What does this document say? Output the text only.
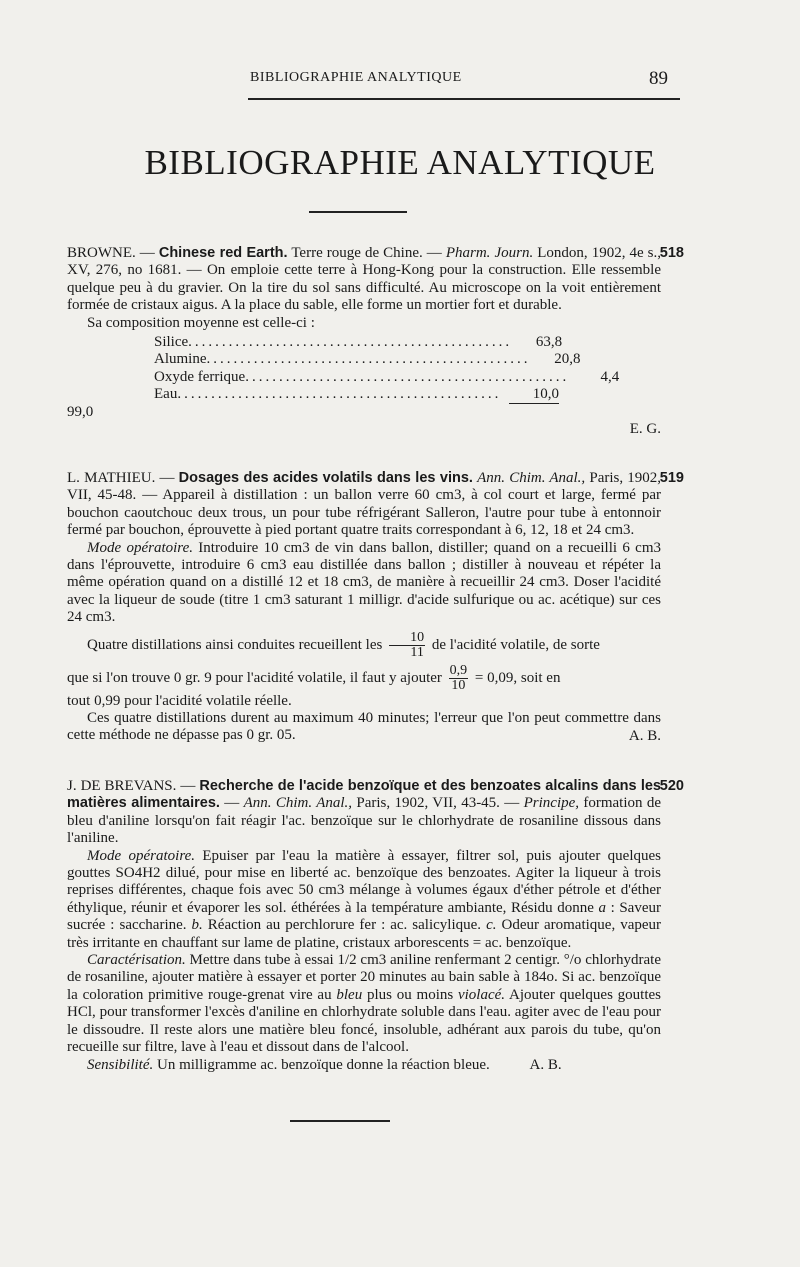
BIBLIOGRAPHIE ANALYTIQUE	89
BIBLIOGRAPHIE ANALYTIQUE
518

BROWNE. — Chinese red Earth. Terre rouge de Chine. — Pharm. Journ. London, 1902, 4e s., XV, 276, no 1681. — On emploie cette terre à Hong-Kong pour la construction. Elle ressemble quelque peu à du gravier. On la tire du sol sans difficulté. Au microscope on la voit entièrement formée de cristaux aigus. A la place du sable, elle forme un mortier fort et durable.

Sa composition moyenne est celle-ci :

Silice ................................................	63,8
Alumine ................................................	20,8
Oxyde ferrique ................................................	4,4
Eau ................................................	10,0

99,0

E. G.

519

L. MATHIEU. — Dosages des acides volatils dans les vins. Ann. Chim. Anal., Paris, 1902, VII, 45-48. — Appareil à distillation : un ballon verre 60 cm3, à col court et large, fermé par bouchon caoutchouc deux trous, un pour tube réfrigérant Salleron, l'autre pour tube à entonnoir fermé par bouchon, éprouvette à pied portant quatre traits correspondant à 6, 12, 18 et 24 cm3.

Mode opératoire. Introduire 10 cm3 de vin dans ballon, distiller; quand on a recueilli 6 cm3 dans l'éprouvette, introduire 6 cm3 eau distillée dans ballon ; distiller à nouveau et répéter la même opération quand on a distillé 12 et 18 cm3, de manière à recueillir 24 cm3. Doser l'acidité avec la liqueur de soude (titre 1 cm3 saturant 1 milligr. d'acide sulfurique ou ac. acétique) sur ces 24 cm3.

Quatre distillations ainsi conduites recueillent les $\frac{10}{11}$ de l'acidité volatile, de sorte

que si l'on trouve 0 gr. 9 pour l'acidité volatile, il faut y ajouter $\frac{0,9}{10} = 0,09$, soit en

tout 0,99 pour l'acidité volatile réelle.

Ces quatre distillations durent au maximum 40 minutes; l'erreur que l'on peut commettre dans cette méthode ne dépasse pas 0 gr. 05.	A. B.

520

J. DE BREVANS. — Recherche de l'acide benzoïque et des benzoates alcalins dans les matières alimentaires. — Ann. Chim. Anal., Paris, 1902, VII, 43-45. — Principe, formation de bleu d'aniline lorsqu'on fait réagir l'ac. benzoïque sur le chlorhydrate de rosaniline dissous dans l'aniline.

Mode opératoire. Epuiser par l'eau la matière à essayer, filtrer sol, puis ajouter quelques gouttes SO4H2 dilué, pour mise en liberté ac. benzoïque des benzoates. Agiter la liqueur à trois reprises différentes, chaque fois avec 50 cm3 mélange à volumes égaux d'éther pétrole et d'éther éthylique, réunir et évaporer les sol. éthérées à la température ambiante, Résidu donne a : Saveur sucrée : saccharine. b. Réaction au perchlorure fer : ac. salicylique. c. Odeur aromatique, vapeur très irritante en chauffant sur lame de platine, cristaux arborescents = ac. benzoïque.

Caractérisation. Mettre dans tube à essai 1/2 cm3 aniline renfermant 2 centigr. °/o chlorhydrate de rosaniline, ajouter matière à essayer et porter 20 minutes au bain sable à 184o. Si ac. benzoïque la coloration primitive rouge-grenat vire au bleu plus ou moins violacé. Ajouter quelques gouttes HCl, pour transformer l'excès d'aniline en chlorhydrate soluble dans l'eau. agiter avec de l'eau pour le dissoudre. Il reste alors une matière bleu foncé, insoluble, adhérant aux parois du tube, qu'on recueille sur filtre, lave à l'eau et dissout dans de l'alcool.

Sensibilité. Un milligramme ac. benzoïque donne la réaction bleue.	A. B.
